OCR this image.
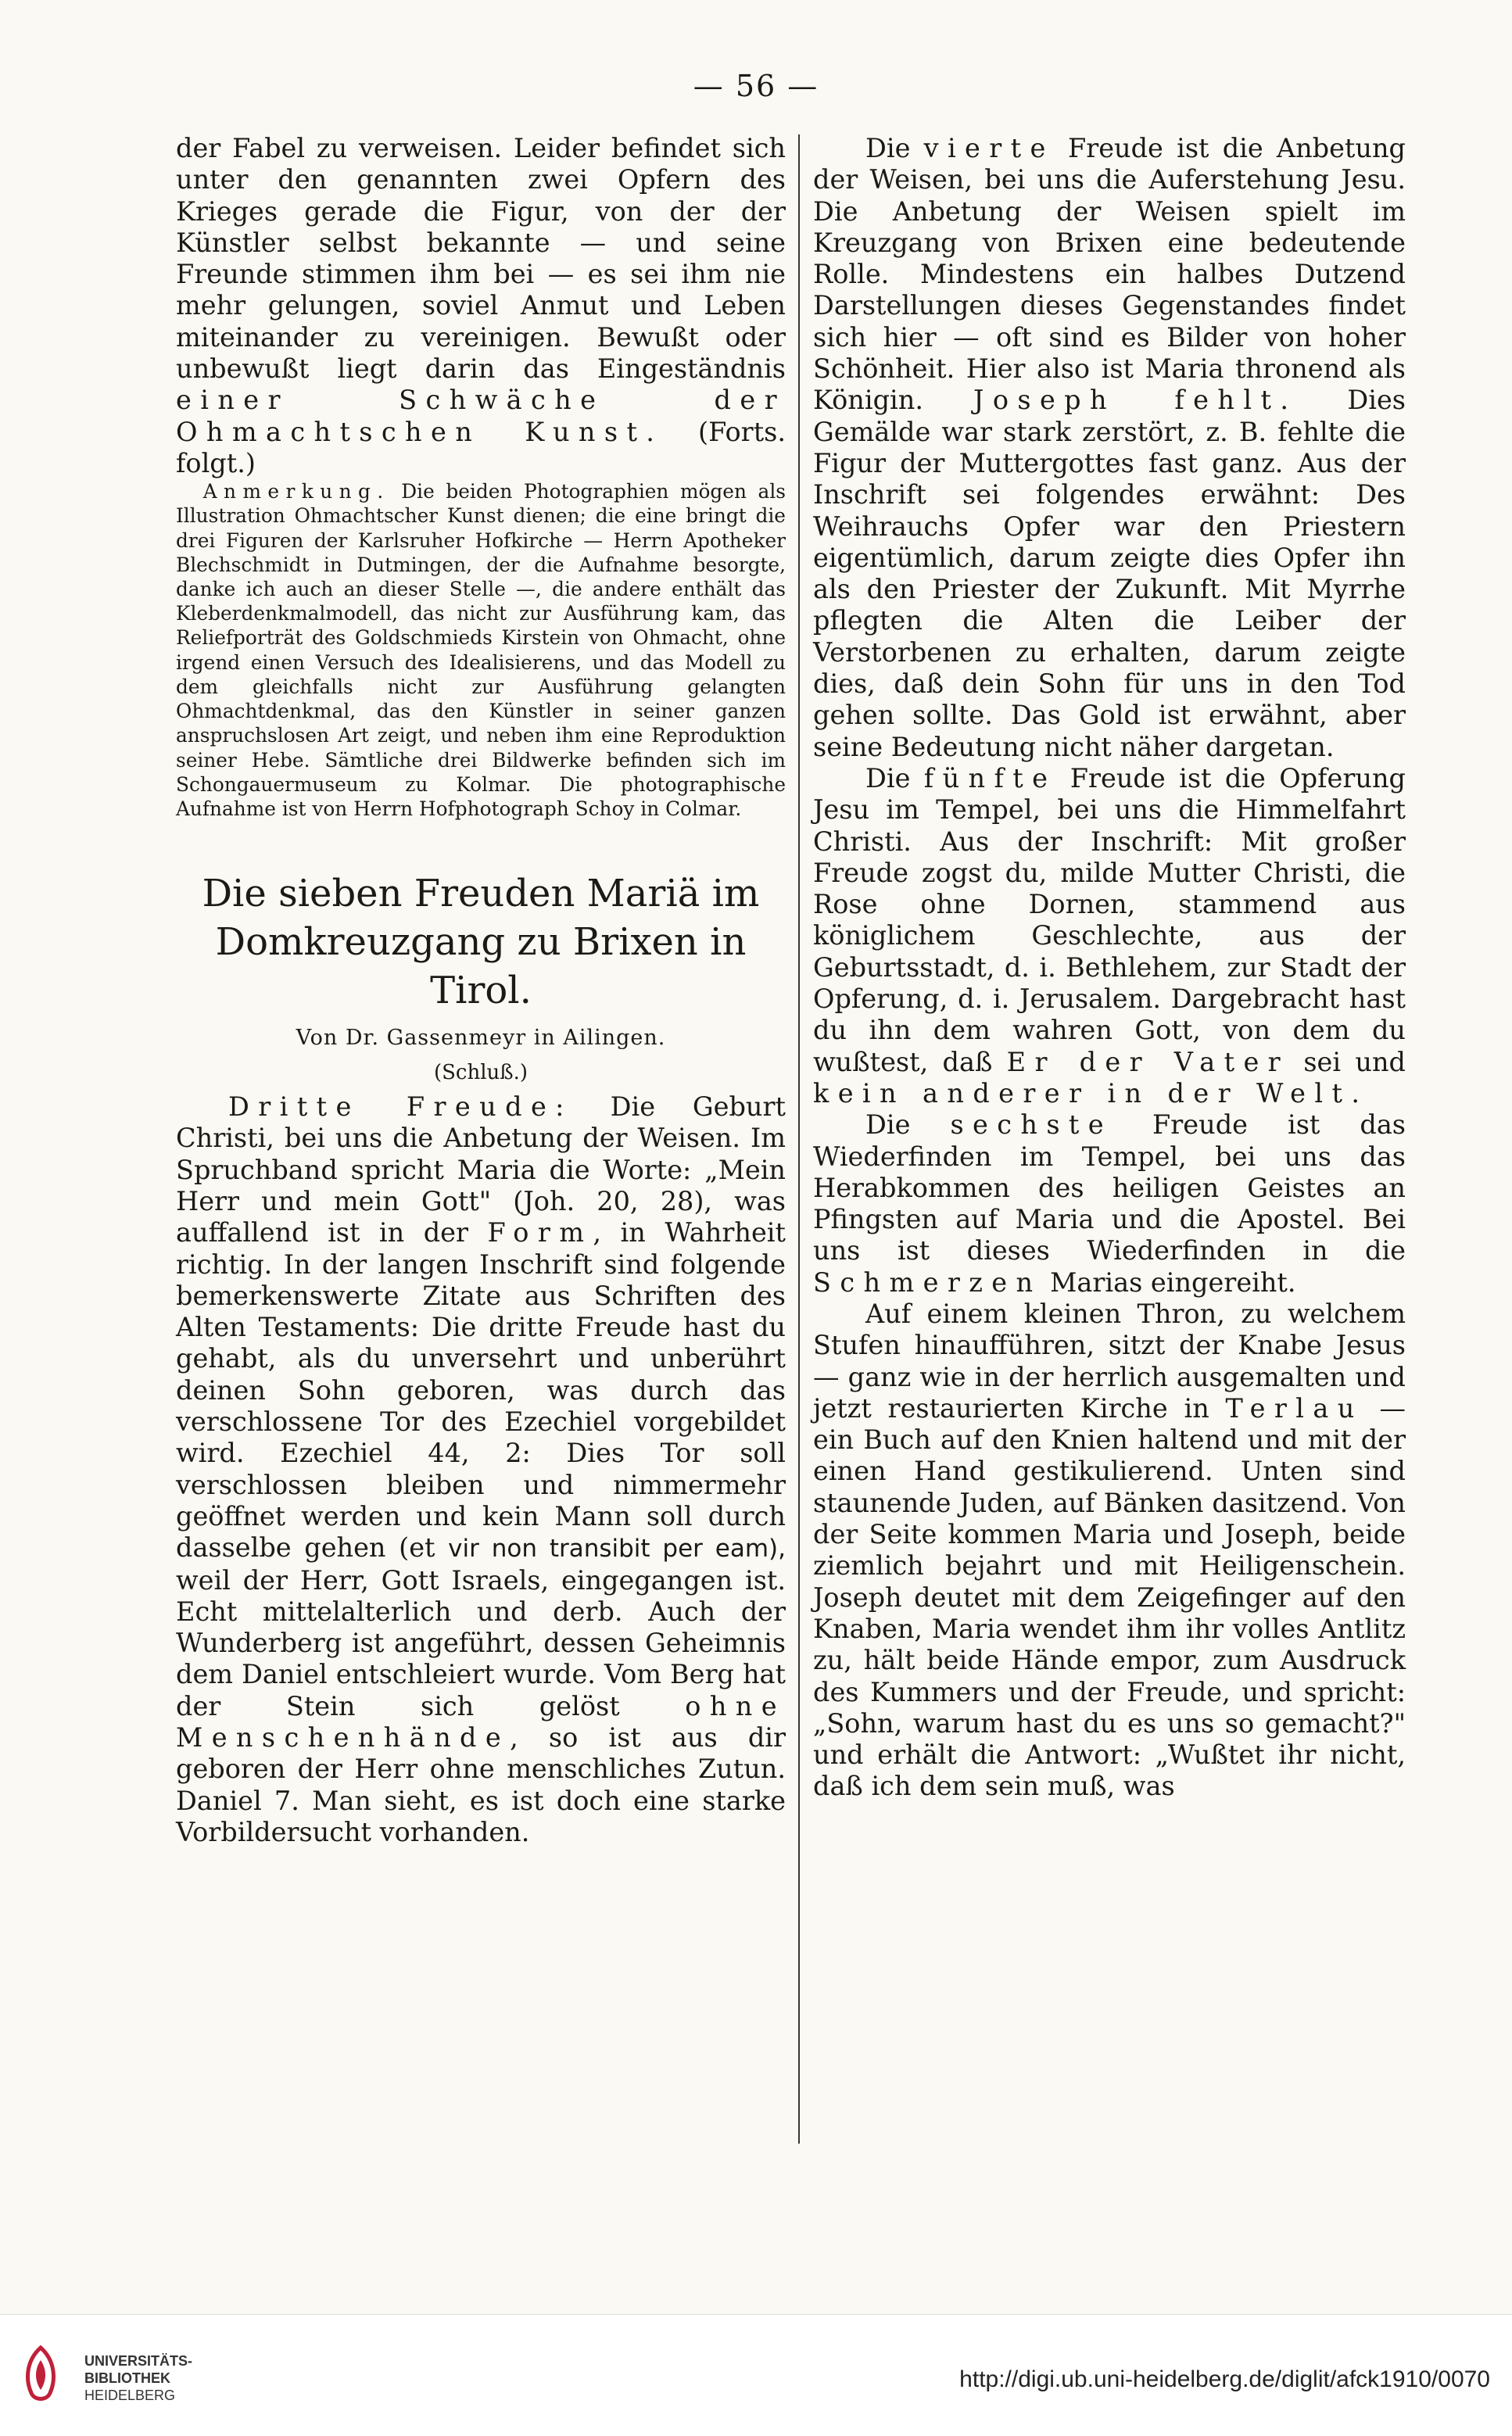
— 56 —

der Fabel zu verweisen. Leider befindet sich unter den genannten zwei Opfern des Krieges gerade die Figur, von der der Künstler selbst bekannte — und seine Freunde stimmen ihm bei — es sei ihm nie mehr gelungen, soviel Anmut und Leben miteinander zu vereinigen. Bewußt oder unbewußt liegt darin das Eingeständnis einer Schwäche der Ohmachtschen Kunst. (Forts. folgt.)

Anmerkung. Die beiden Photographien mögen als Illustration Ohmachtscher Kunst dienen; die eine bringt die drei Figuren der Karlsruher Hofkirche — Herrn Apotheker Blechschmidt in Dutmingen, der die Aufnahme besorgte, danke ich auch an dieser Stelle —, die andere enthält das Kleberdenkmalmodell, das nicht zur Ausführung kam, das Reliefporträt des Goldschmieds Kirstein von Ohmacht, ohne irgend einen Versuch des Idealisierens, und das Modell zu dem gleichfalls nicht zur Ausführung gelangten Ohmachtdenkmal, das den Künstler in seiner ganzen anspruchslosen Art zeigt, und neben ihm eine Reproduktion seiner Hebe. Sämtliche drei Bildwerke befinden sich im Schongauermuseum zu Kolmar. Die photographische Aufnahme ist von Herrn Hofphotograph Schoy in Colmar.

Die sieben Freuden Mariä im
Domkreuzgang zu Brixen in Tirol.

Von Dr. Gassenmeyr in Ailingen.

(Schluß.)

Dritte Freude: Die Geburt Christi, bei uns die Anbetung der Weisen. Im Spruchband spricht Maria die Worte: „Mein Herr und mein Gott" (Joh. 20, 28), was auffallend ist in der Form, in Wahrheit richtig. In der langen Inschrift sind folgende bemerkenswerte Zitate aus Schriften des Alten Testaments: Die dritte Freude hast du gehabt, als du unversehrt und unberührt deinen Sohn geboren, was durch das verschlossene Tor des Ezechiel vorgebildet wird. Ezechiel 44, 2: Dies Tor soll verschlossen bleiben und nimmermehr geöffnet werden und kein Mann soll durch dasselbe gehen (et vir non transibit per eam), weil der Herr, Gott Israels, eingegangen ist. Echt mittelalterlich und derb. Auch der Wunderberg ist angeführt, dessen Geheimnis dem Daniel entschleiert wurde. Vom Berg hat der Stein sich gelöst ohne Menschenhände, so ist aus dir geboren der Herr ohne menschliches Zutun. Daniel 7. Man sieht, es ist doch eine starke Vorbildersucht vorhanden.

Die vierte Freude ist die Anbetung der Weisen, bei uns die Auferstehung Jesu. Die Anbetung der Weisen spielt im Kreuzgang von Brixen eine bedeutende Rolle. Mindestens ein halbes Dutzend Darstellungen dieses Gegenstandes findet sich hier — oft sind es Bilder von hoher Schönheit. Hier also ist Maria thronend als Königin. Joseph fehlt. Dies Gemälde war stark zerstört, z. B. fehlte die Figur der Muttergottes fast ganz. Aus der Inschrift sei folgendes erwähnt: Des Weihrauchs Opfer war den Priestern eigentümlich, darum zeigte dies Opfer ihn als den Priester der Zukunft. Mit Myrrhe pflegten die Alten die Leiber der Verstorbenen zu erhalten, darum zeigte dies, daß dein Sohn für uns in den Tod gehen sollte. Das Gold ist erwähnt, aber seine Bedeutung nicht näher dargetan.

Die fünfte Freude ist die Opferung Jesu im Tempel, bei uns die Himmelfahrt Christi. Aus der Inschrift: Mit großer Freude zogst du, milde Mutter Christi, die Rose ohne Dornen, stammend aus königlichem Geschlechte, aus der Geburtsstadt, d. i. Bethlehem, zur Stadt der Opferung, d. i. Jerusalem. Dargebracht hast du ihn dem wahren Gott, von dem du wußtest, daß Er der Vater sei und kein anderer in der Welt.

Die sechste Freude ist das Wiederfinden im Tempel, bei uns das Herabkommen des heiligen Geistes an Pfingsten auf Maria und die Apostel. Bei uns ist dieses Wiederfinden in die Schmerzen Marias eingereiht.

Auf einem kleinen Thron, zu welchem Stufen hinaufführen, sitzt der Knabe Jesus — ganz wie in der herrlich ausgemalten und jetzt restaurierten Kirche in Terlau — ein Buch auf den Knien haltend und mit der einen Hand gestikulierend. Unten sind staunende Juden, auf Bänken dasitzend. Von der Seite kommen Maria und Joseph, beide ziemlich bejahrt und mit Heiligenschein. Joseph deutet mit dem Zeigefinger auf den Knaben, Maria wendet ihm ihr volles Antlitz zu, hält beide Hände empor, zum Ausdruck des Kummers und der Freude, und spricht: „Sohn, warum hast du es uns so gemacht?" und erhält die Antwort: „Wußtet ihr nicht, daß ich dem sein muß, was

UNIVERSITÄTS-
BIBLIOTHEK
HEIDELBERG
http://digi.ub.uni-heidelberg.de/diglit/afck1910/0070
